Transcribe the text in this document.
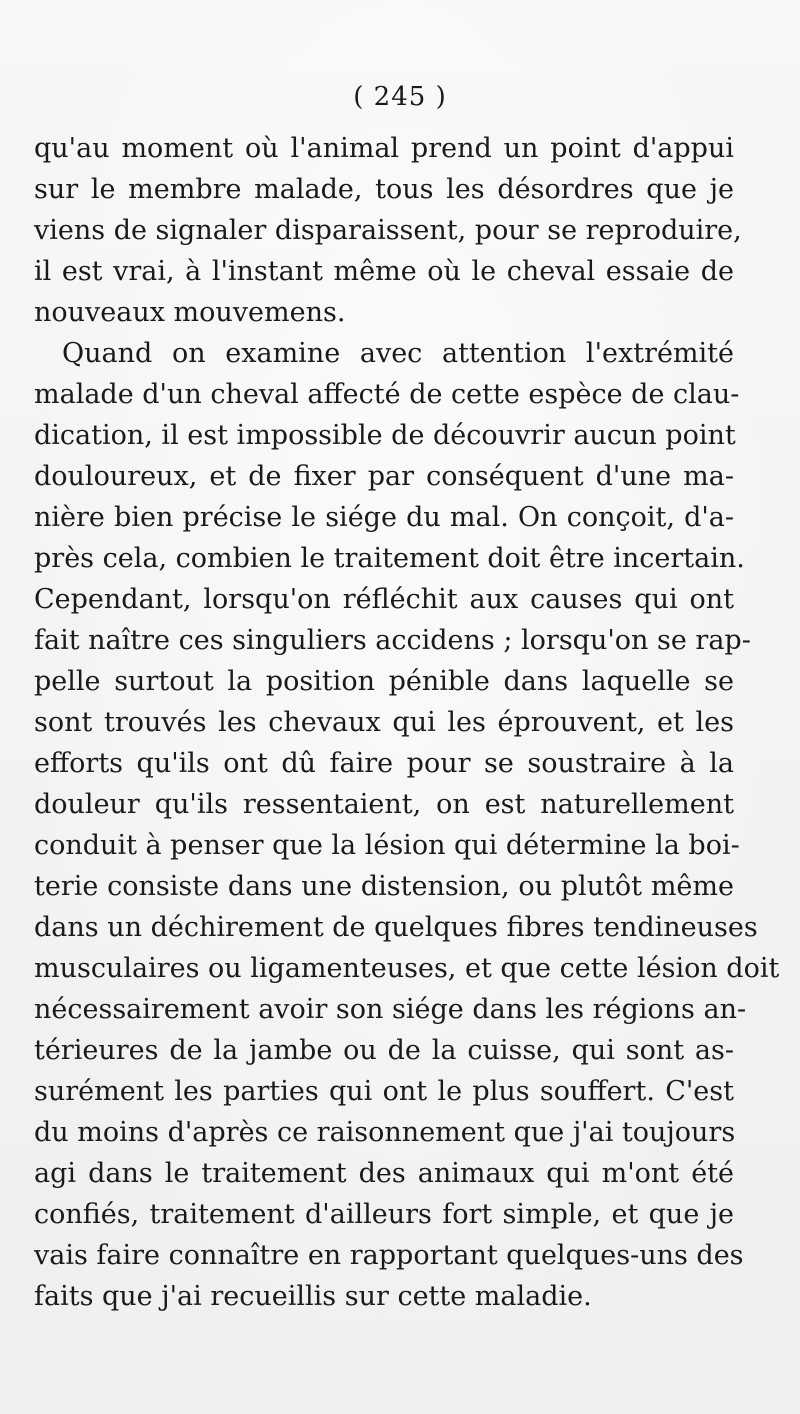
( 245 )
qu'au moment où l'animal prend un point d'appui
sur le membre malade, tous les désordres que je
viens de signaler disparaissent, pour se reproduire,
il est vrai, à l'instant même où le cheval essaie de
nouveaux mouvemens.
Quand on examine avec attention l'extrémité
malade d'un cheval affecté de cette espèce de clau-
dication, il est impossible de découvrir aucun point
douloureux, et de fixer par conséquent d'une ma-
nière bien précise le siége du mal. On conçoit, d'a-
près cela, combien le traitement doit être incertain.
Cependant, lorsqu'on réfléchit aux causes qui ont
fait naître ces singuliers accidens ; lorsqu'on se rap-
pelle surtout la position pénible dans laquelle se
sont trouvés les chevaux qui les éprouvent, et les
efforts qu'ils ont dû faire pour se soustraire à la
douleur qu'ils ressentaient, on est naturellement
conduit à penser que la lésion qui détermine la boi-
terie consiste dans une distension, ou plutôt même
dans un déchirement de quelques fibres tendineuses
musculaires ou ligamenteuses, et que cette lésion doit
nécessairement avoir son siége dans les régions an-
térieures de la jambe ou de la cuisse, qui sont as-
surément les parties qui ont le plus souffert. C'est
du moins d'après ce raisonnement que j'ai toujours
agi dans le traitement des animaux qui m'ont été
confiés, traitement d'ailleurs fort simple, et que je
vais faire connaître en rapportant quelques-uns des
faits que j'ai recueillis sur cette maladie.
